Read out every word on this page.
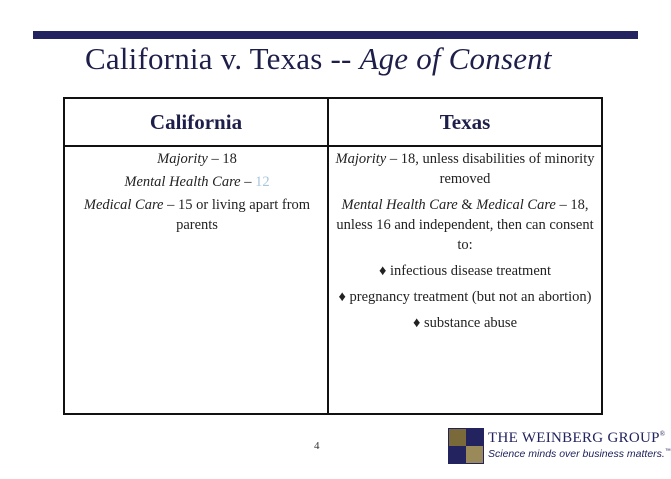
California v. Texas -- Age of Consent
California	Texas

Majority – 18

Mental Health Care – 12

Medical Care – 15 or living apart from parents

Majority – 18, unless disabilities of minority removed

Mental Health Care & Medical Care – 18, unless 16 and independent, then can consent to:

♦ infectious disease treatment

♦ pregnancy treatment (but not an abortion)

♦ substance abuse

4	THE WEINBERG GROUP®
Science minds over business matters.™
